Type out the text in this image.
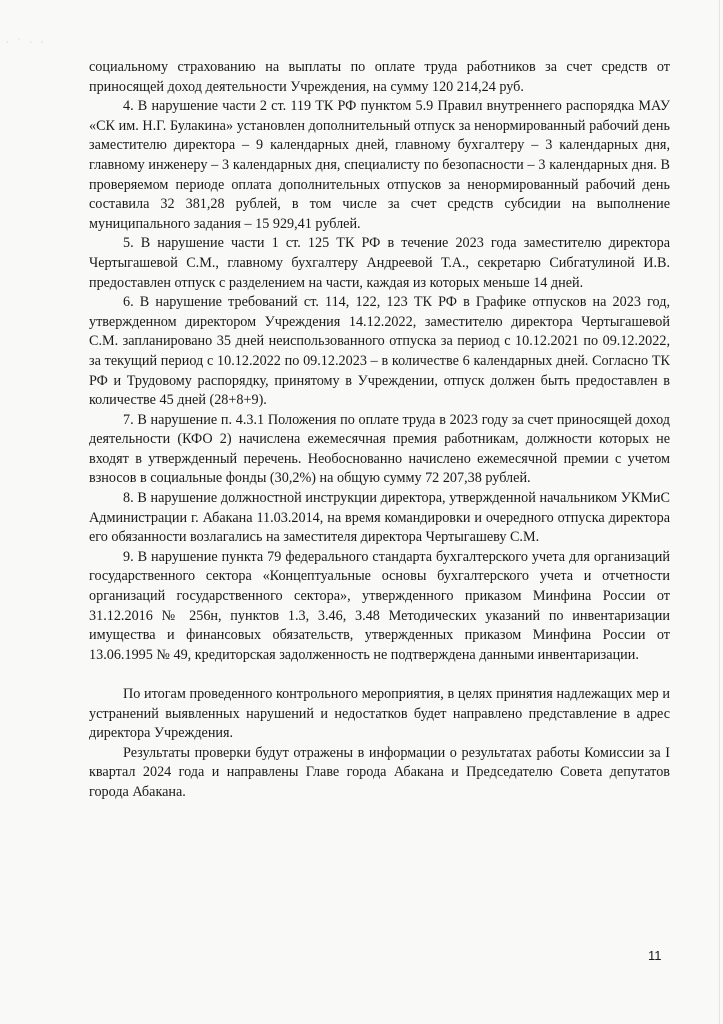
· ˙ · ·

социальному страхованию на выплаты по оплате труда работников за счет средств от приносящей доход деятельности Учреждения, на сумму 120 214,24 руб.

4. В нарушение части 2 ст. 119 ТК РФ пунктом 5.9 Правил внутреннего распорядка МАУ «СК им. Н.Г. Булакина» установлен дополнительный отпуск за ненормированный рабочий день заместителю директора – 9 календарных дней, главному бухгалтеру – 3 календарных дня, главному инженеру – 3 календарных дня, специалисту по безопасности – 3 календарных дня. В проверяемом периоде оплата дополнительных отпусков за ненормированный рабочий день составила 32 381,28 рублей, в том числе за счет средств субсидии на выполнение муниципального задания – 15 929,41 рублей.

5. В нарушение части 1 ст. 125 ТК РФ в течение 2023 года заместителю директора Чертыгашевой С.М., главному бухгалтеру Андреевой Т.А., секретарю Сибгатулиной И.В. предоставлен отпуск с разделением на части, каждая из которых меньше 14 дней.

6. В нарушение требований ст. 114, 122, 123 ТК РФ в Графике отпусков на 2023 год, утвержденном директором Учреждения 14.12.2022, заместителю директора Чертыгашевой С.М. запланировано 35 дней неиспользованного отпуска за период с 10.12.2021 по 09.12.2022, за текущий период с 10.12.2022 по 09.12.2023 – в количестве 6 календарных дней. Согласно ТК РФ и Трудовому распорядку, принятому в Учреждении, отпуск должен быть предоставлен в количестве 45 дней (28+8+9).

7. В нарушение п. 4.3.1 Положения по оплате труда в 2023 году за счет приносящей доход деятельности (КФО 2) начислена ежемесячная премия работникам, должности которых не входят в утвержденный перечень. Необоснованно начислено ежемесячной премии с учетом взносов в социальные фонды (30,2%) на общую сумму 72 207,38 рублей.

8. В нарушение должностной инструкции директора, утвержденной начальником УКМиС Администрации г. Абакана 11.03.2014, на время командировки и очередного отпуска директора его обязанности возлагались на заместителя директора Чертыгашеву С.М.

9. В нарушение пункта 79 федерального стандарта бухгалтерского учета для организаций государственного сектора «Концептуальные основы бухгалтерского учета и отчетности организаций государственного сектора», утвержденного приказом Минфина России от 31.12.2016 № 256н, пунктов 1.3, 3.46, 3.48 Методических указаний по инвентаризации имущества и финансовых обязательств, утвержденных приказом Минфина России от 13.06.1995 № 49, кредиторская задолженность не подтверждена данными инвентаризации.

По итогам проведенного контрольного мероприятия, в целях принятия надлежащих мер и устранений выявленных нарушений и недостатков будет направлено представление в адрес директора Учреждения.

Результаты проверки будут отражены в информации о результатах работы Комиссии за I квартал 2024 года и направлены Главе города Абакана и Председателю Совета депутатов города Абакана.

11
